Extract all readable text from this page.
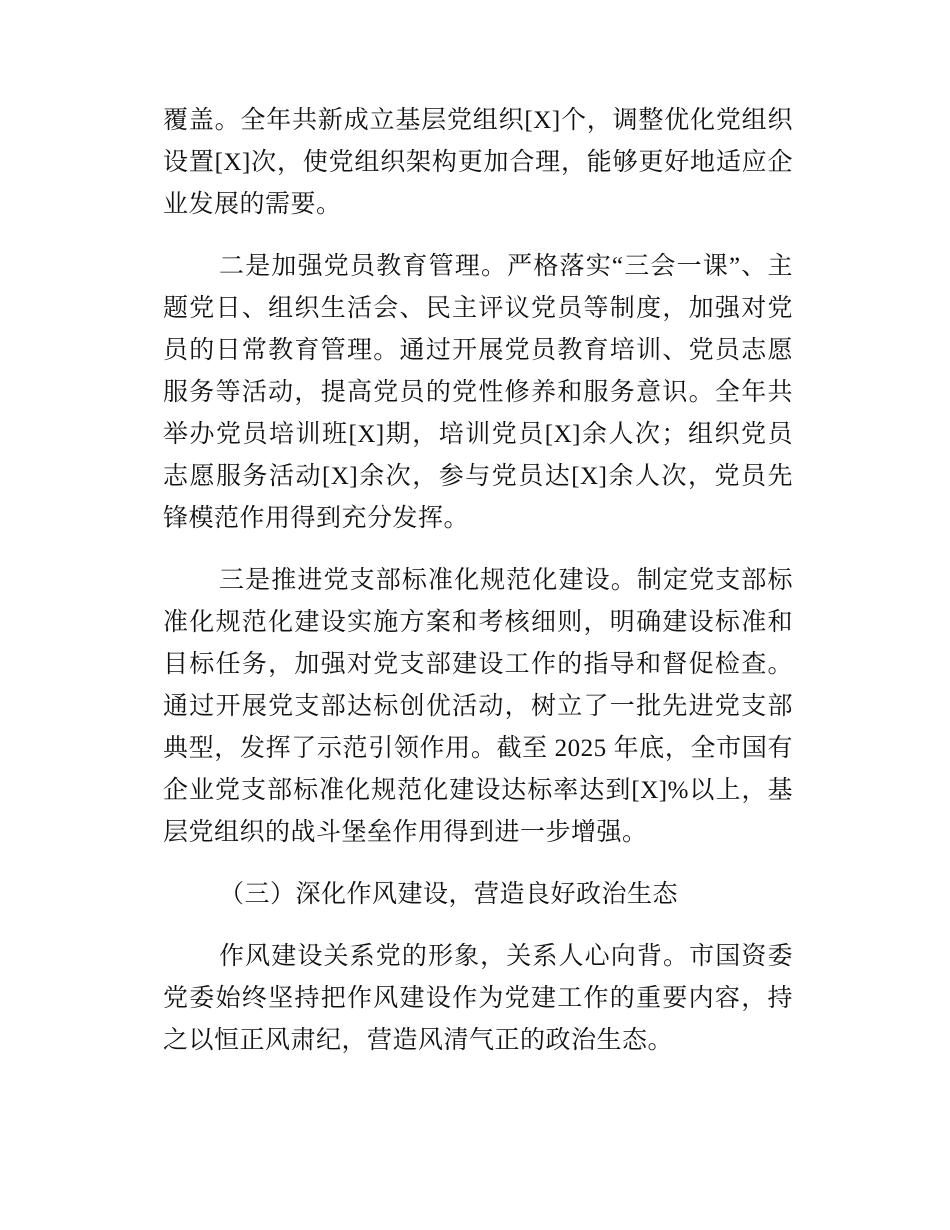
覆盖。全年共新成立基层党组织[X]个，调整优化党组织设置[X]次，使党组织架构更加合理，能够更好地适应企业发展的需要。

二是加强党员教育管理。严格落实“三会一课”、主题党日、组织生活会、民主评议党员等制度，加强对党员的日常教育管理。通过开展党员教育培训、党员志愿服务等活动，提高党员的党性修养和服务意识。全年共举办党员培训班[X]期，培训党员[X]余人次；组织党员志愿服务活动[X]余次，参与党员达[X]余人次，党员先锋模范作用得到充分发挥。

三是推进党支部标准化规范化建设。制定党支部标准化规范化建设实施方案和考核细则，明确建设标准和目标任务，加强对党支部建设工作的指导和督促检查。通过开展党支部达标创优活动，树立了一批先进党支部典型，发挥了示范引领作用。截至 2025 年底，全市国有企业党支部标准化规范化建设达标率达到[X]%以上，基层党组织的战斗堡垒作用得到进一步增强。

（三）深化作风建设，营造良好政治生态

作风建设关系党的形象，关系人心向背。市国资委党委始终坚持把作风建设作为党建工作的重要内容，持之以恒正风肃纪，营造风清气正的政治生态。
